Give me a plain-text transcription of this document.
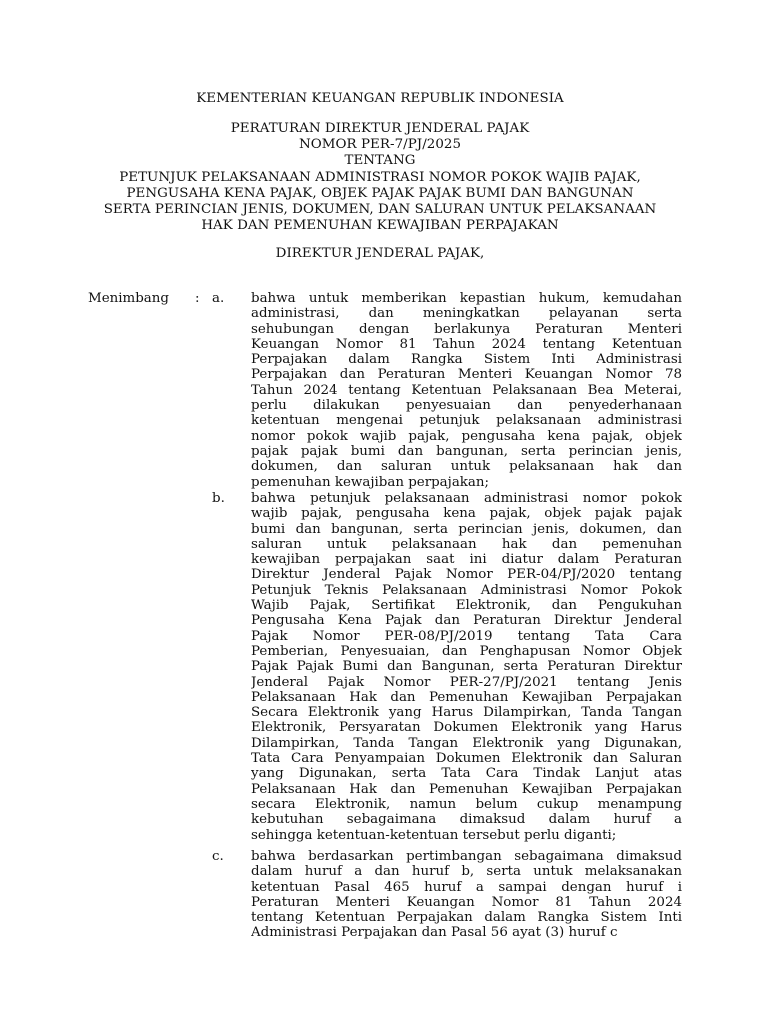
KEMENTERIAN KEUANGAN REPUBLIK INDONESIA
PERATURAN DIREKTUR JENDERAL PAJAK
NOMOR PER-7/PJ/2025
TENTANG
PETUNJUK PELAKSANAAN ADMINISTRASI NOMOR POKOK WAJIB PAJAK,
PENGUSAHA KENA PAJAK, OBJEK PAJAK PAJAK BUMI DAN BANGUNAN
SERTA PERINCIAN JENIS, DOKUMEN, DAN SALURAN UNTUK PELAKSANAAN
HAK DAN PEMENUHAN KEWAJIBAN PERPAJAKAN
DIREKTUR JENDERAL PAJAK,
Menimbang : a. bahwa untuk memberikan kepastian hukum, kemudahan
administrasi, dan meningkatkan pelayanan serta
sehubungan dengan berlakunya Peraturan Menteri
Keuangan Nomor 81 Tahun 2024 tentang Ketentuan
Perpajakan dalam Rangka Sistem Inti Administrasi
Perpajakan dan Peraturan Menteri Keuangan Nomor 78
Tahun 2024 tentang Ketentuan Pelaksanaan Bea Meterai,
perlu dilakukan penyesuaian dan penyederhanaan
ketentuan mengenai petunjuk pelaksanaan administrasi
nomor pokok wajib pajak, pengusaha kena pajak, objek
pajak pajak bumi dan bangunan, serta perincian jenis,
dokumen, dan saluran untuk pelaksanaan hak dan
pemenuhan kewajiban perpajakan;
b. bahwa petunjuk pelaksanaan administrasi nomor pokok
wajib pajak, pengusaha kena pajak, objek pajak pajak
bumi dan bangunan, serta perincian jenis, dokumen, dan
saluran untuk pelaksanaan hak dan pemenuhan
kewajiban perpajakan saat ini diatur dalam Peraturan
Direktur Jenderal Pajak Nomor PER-04/PJ/2020 tentang
Petunjuk Teknis Pelaksanaan Administrasi Nomor Pokok
Wajib Pajak, Sertifikat Elektronik, dan Pengukuhan
Pengusaha Kena Pajak dan Peraturan Direktur Jenderal
Pajak Nomor PER-08/PJ/2019 tentang Tata Cara
Pemberian, Penyesuaian, dan Penghapusan Nomor Objek
Pajak Pajak Bumi dan Bangunan, serta Peraturan Direktur
Jenderal Pajak Nomor PER-27/PJ/2021 tentang Jenis
Pelaksanaan Hak dan Pemenuhan Kewajiban Perpajakan
Secara Elektronik yang Harus Dilampirkan, Tanda Tangan
Elektronik, Persyaratan Dokumen Elektronik yang Harus
Dilampirkan, Tanda Tangan Elektronik yang Digunakan,
Tata Cara Penyampaian Dokumen Elektronik dan Saluran
yang Digunakan, serta Tata Cara Tindak Lanjut atas
Pelaksanaan Hak dan Pemenuhan Kewajiban Perpajakan
secara Elektronik, namun belum cukup menampung
kebutuhan sebagaimana dimaksud dalam huruf a
sehingga ketentuan-ketentuan tersebut perlu diganti;
c. bahwa berdasarkan pertimbangan sebagaimana dimaksud
dalam huruf a dan huruf b, serta untuk melaksanakan
ketentuan Pasal 465 huruf a sampai dengan huruf i
Peraturan Menteri Keuangan Nomor 81 Tahun 2024
tentang Ketentuan Perpajakan dalam Rangka Sistem Inti
Administrasi Perpajakan dan Pasal 56 ayat (3) huruf c
